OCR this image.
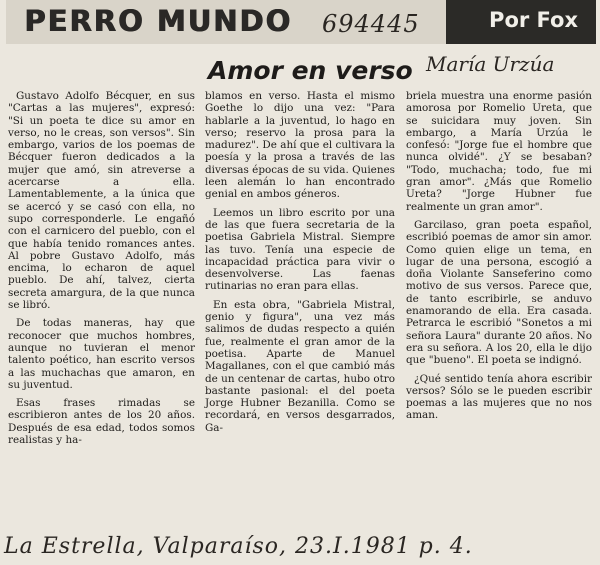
PERRO MUNDO	Por Fox
694445
María Urzúa
Amor en verso

Gustavo Adolfo Bécquer, en sus "Cartas a las mujeres", expresó: "Si un poeta te dice su amor en verso, no le creas, son versos". Sin embargo, varios de los poemas de Bécquer fueron dedicados a la mujer que amó, sin atreverse a acercarse a ella. Lamentablemente, a la única que se acercó y se casó con ella, no supo corresponderle. Le engañó con el carnicero del pueblo, con el que había tenido romances antes. Al pobre Gustavo Adolfo, más encima, lo echaron de aquel pueblo. De ahí, talvez, cierta secreta amargura, de la que nunca se libró.

De todas maneras, hay que reconocer que muchos hombres, aunque no tuvieran el menor talento poético, han escrito versos a las muchachas que amaron, en su juventud.

Esas frases rimadas se escribieron antes de los 20 años. Después de esa edad, todos somos realistas y ha-

blamos en verso. Hasta el mismo Goethe lo dijo una vez: "Para hablarle a la juventud, lo hago en verso; reservo la prosa para la madurez". De ahí que el cultivara la poesía y la prosa a través de las diversas épocas de su vida. Quienes leen alemán lo han encontrado genial en ambos géneros.

Leemos un libro escrito por una de las que fuera secretaria de la poetisa Gabriela Mistral. Siempre las tuvo. Tenía una especie de incapacidad práctica para vivir o desenvolverse. Las faenas rutinarias no eran para ellas.

En esta obra, "Gabriela Mistral, genio y figura", una vez más salimos de dudas respecto a quién fue, realmente el gran amor de la poetisa. Aparte de Manuel Magallanes, con el que cambió más de un centenar de cartas, hubo otro bastante pasional: el del poeta Jorge Hubner Bezanilla. Como se recordará, en versos desgarrados, Ga-

briela muestra una enorme pasión amorosa por Romelio Ureta, que se suicidara muy joven. Sin embargo, a María Urzúa le confesó: "Jorge fue el hombre que nunca olvidé". ¿Y se besaban? "Todo, muchacha; todo, fue mi gran amor". ¿Más que Romelio Ureta? "Jorge Hubner fue realmente un gran amor".

Garcilaso, gran poeta español, escribió poemas de amor sin amor. Como quien elige un tema, en lugar de una persona, escogió a doña Violante Sanseferino como motivo de sus versos. Parece que, de tanto escribirle, se anduvo enamorando de ella. Era casada. Petrarca le escribió "Sonetos a mi señora Laura" durante 20 años. No era su señora. A los 20, ella le dijo que "bueno". El poeta se indignó.

¿Qué sentido tenía ahora escribir versos? Sólo se le pueden escribir poemas a las mujeres que no nos aman.

La Estrella, Valparaíso, 23.I.1981 p. 4.
